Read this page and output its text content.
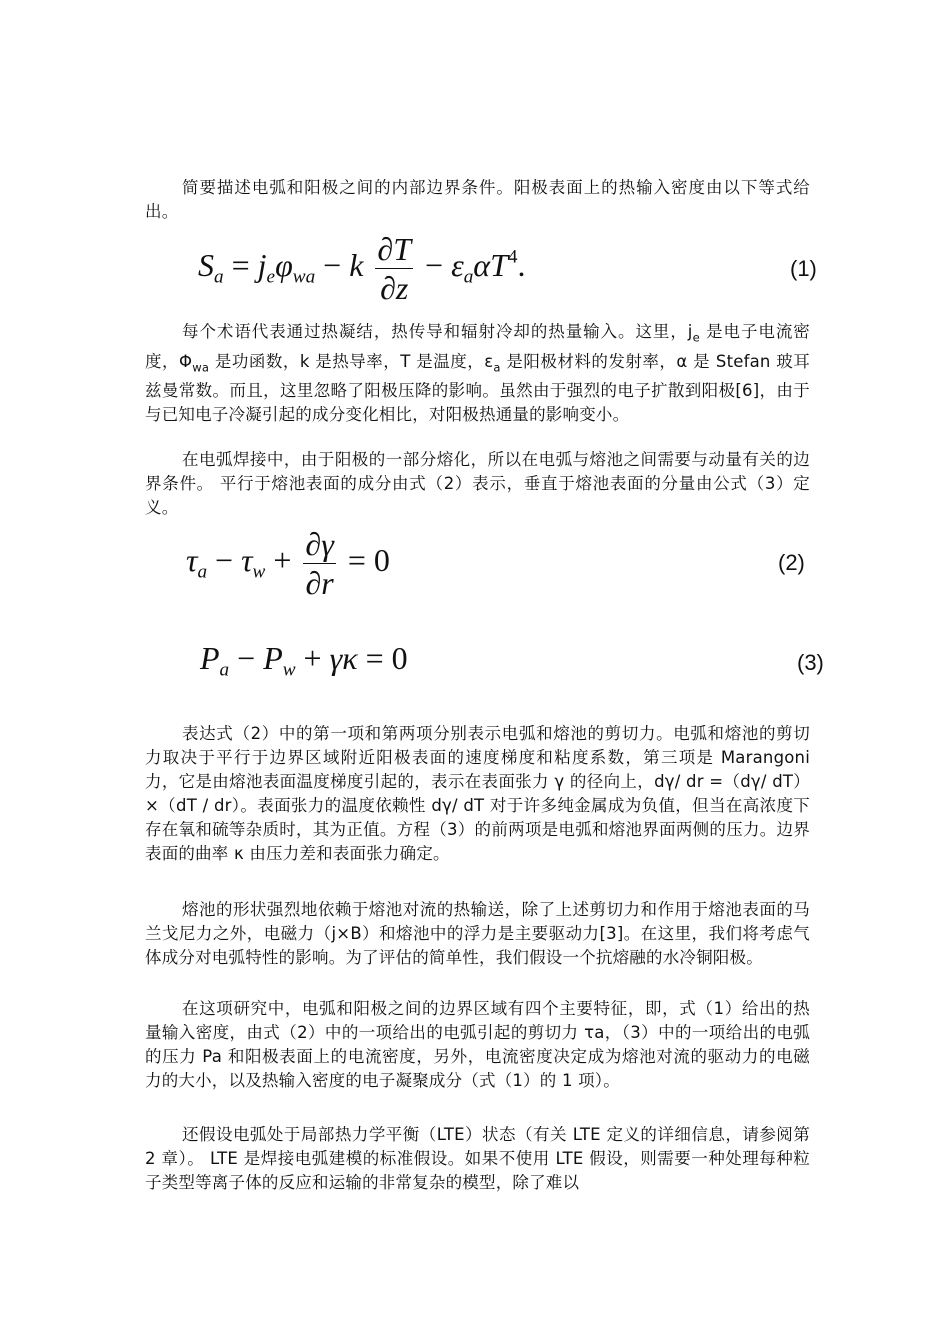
简要描述电弧和阳极之间的内部边界条件。阳极表面上的热输入密度由以下等式给出。

$S_a = j_e\varphi_{wa} - k \frac{\partial T}{\partial z} - \varepsilon_a\alpha T^4$.	(1)

每个术语代表通过热凝结，热传导和辐射冷却的热量输入。这里，$j_e$ 是电子电流密度，$\Phi_{wa}$ 是功函数，k 是热导率，T 是温度，$\varepsilon_a$ 是阳极材料的发射率，α 是 Stefan 玻耳兹曼常数。而且，这里忽略了阳极压降的影响。虽然由于强烈的电子扩散到阳极[6]，由于与已知电子冷凝引起的成分变化相比，对阳极热通量的影响变小。

在电弧焊接中，由于阳极的一部分熔化，所以在电弧与熔池之间需要与动量有关的边界条件。 平行于熔池表面的成分由式（2）表示，垂直于熔池表面的分量由公式（3）定义。

$\tau_a - \tau_w + \frac{\partial\gamma}{\partial r} = 0$	(2)
$P_a - P_w + \gamma\kappa = 0$	(3)

表达式（2）中的第一项和第两项分别表示电弧和熔池的剪切力。电弧和熔池的剪切力取决于平行于边界区域附近阳极表面的速度梯度和粘度系数，第三项是 Marangoni 力，它是由熔池表面温度梯度引起的，表示在表面张力 γ 的径向上，dγ/ dr =（dγ/ dT）×（dT / dr）。表面张力的温度依赖性 dγ/ dT 对于许多纯金属成为负值，但当在高浓度下存在氧和硫等杂质时，其为正值。方程（3）的前两项是电弧和熔池界面两侧的压力。边界表面的曲率 κ 由压力差和表面张力确定。

熔池的形状强烈地依赖于熔池对流的热输送，除了上述剪切力和作用于熔池表面的马兰戈尼力之外，电磁力（j×B）和熔池中的浮力是主要驱动力[3]。在这里，我们将考虑气体成分对电弧特性的影响。为了评估的简单性，我们假设一个抗熔融的水冷铜阳极。

在这项研究中，电弧和阳极之间的边界区域有四个主要特征，即，式（1）给出的热量输入密度，由式（2）中的一项给出的电弧引起的剪切力 τa，（3）中的一项给出的电弧的压力 Pa 和阳极表面上的电流密度，另外，电流密度决定成为熔池对流的驱动力的电磁力的大小，以及热输入密度的电子凝聚成分（式（1）的 1 项）。

还假设电弧处于局部热力学平衡（LTE）状态（有关 LTE 定义的详细信息，请参阅第 2 章）。 LTE 是焊接电弧建模的标准假设。如果不使用 LTE 假设，则需要一种处理每种粒子类型等离子体的反应和运输的非常复杂的模型，除了难以
